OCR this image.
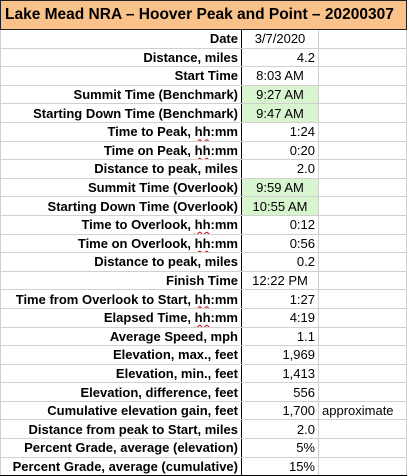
Lake Mead NRA – Hoover Peak and Point – 20200307		
Date	3/7/2020	
Distance, miles	4.2	
Start Time	8:03 AM	
Summit Time (Benchmark)	9:27 AM	
Starting Down Time (Benchmark)	9:47 AM	
Time to Peak, hh:mm	1:24	
Time on Peak, hh:mm	0:20	
Distance to peak, miles	2.0	
Summit Time (Overlook)	9:59 AM	
Starting Down Time (Overlook)	10:55 AM	
Time to Overlook, hh:mm	0:12	
Time on Overlook, hh:mm	0:56	
Distance to peak, miles	0.2	
Finish Time	12:22 PM	
Time from Overlook to Start, hh:mm	1:27	
Elapsed Time, hh:mm	4:19	
Average Speed, mph	1.1	
Elevation, max., feet	1,969	
Elevation, min., feet	1,413	
Elevation, difference, feet	556	
Cumulative elevation gain, feet	1,700	approximate
Distance from peak to Start, miles	2.0	
Percent Grade, average (elevation)	5%	
Percent Grade, average (cumulative)	15%	
